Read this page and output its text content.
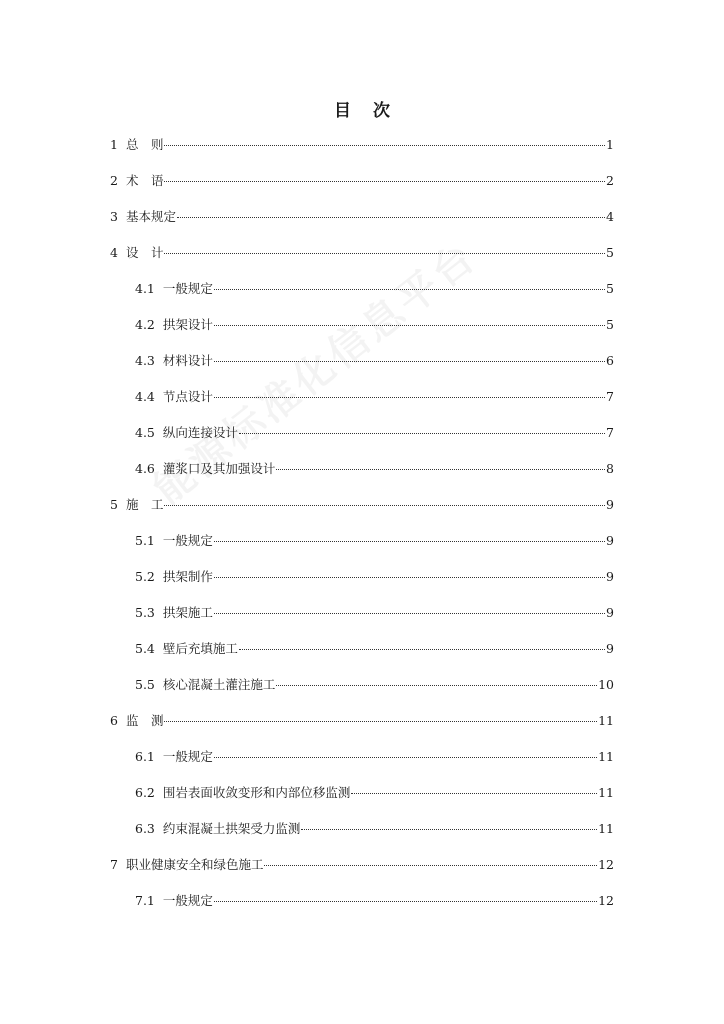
目 次
1 总　则	1
2 术　语	2
3 基本规定	4
4 设　计	5
4.1 一般规定	5
4.2 拱架设计	5
4.3 材料设计	6
4.4 节点设计	7
4.5 纵向连接设计	7
4.6 灌浆口及其加强设计	8
5 施　工	9
5.1 一般规定	9
5.2 拱架制作	9
5.3 拱架施工	9
5.4 壁后充填施工	9
5.5 核心混凝土灌注施工	10
6 监　测	11
6.1 一般规定	11
6.2 围岩表面收敛变形和内部位移监测	11
6.3 约束混凝土拱架受力监测	11
7 职业健康安全和绿色施工	12
7.1 一般规定	12
